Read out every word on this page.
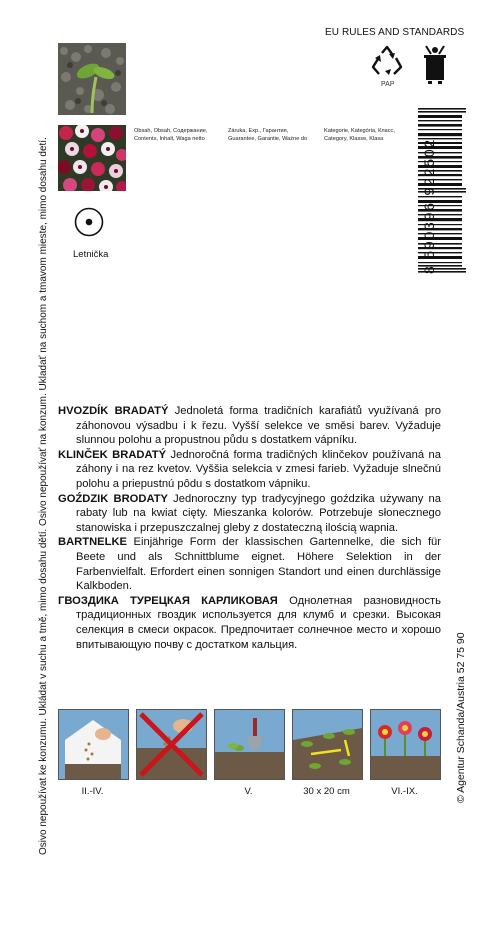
EU RULES AND STANDARDS
PAP
Obsah, Obsah, Содержание,
Contents, Inhalt, Waga netto
Záruka, Exp., Гарантия,
Guarantee, Garantie, Ważne do
Kategorie, Kategória, Класс,
Category, Klasse, Klasa
Letnička
Osivo nepoužívat ke konzumu. Ukládat v suchu a tmě, mimo dosahu dětí. Osivo nepoužívať na konzum. Ukladať na suchom a tmavom mieste, mimo dosahu detí.	8 590396 922502
© Agentur Schanda/Austria 52 75 90

HVOZDÍK BRADATÝ Jednoletá forma tradičních karafiátů využívaná pro záhonovou výsadbu i k řezu. Vyšší selekce ve směsi barev. Vyžaduje slunnou polohu a propustnou půdu s dostatkem vápníku.

KLINČEK BRADATÝ Jednoročná forma tradičných klinčekov používaná na záhony i na rez kvetov. Vyššia selekcia v zmesi farieb. Vyžaduje slnečnú polohu a priepustnú pôdu s dostatkom vápniku.

GOŹDZIK BRODATY Jednoroczny typ tradycyjnego goździka używany na rabaty lub na kwiat cięty. Mieszanka kolorów. Potrzebuje słonecznego stanowiska i przepuszczalnej gleby z dostateczną ilością wapnia.

BARTNELKE Einjährige Form der klassischen Gartennelke, die sich für Beete und als Schnittblume eignet. Höhere Selektion in der Farbenvielfalt. Erfordert einen sonnigen Standort und einen durchlässige Kalkboden.

ГВОЗДИКА ТУРЕЦКАЯ КАРЛИКОВАЯ Однолетная разновидность традиционных гвоздик используется для клумб и срезки. Высокая селекция в смеси окрасок. Предпочитает солнечное место и хорошо впитывающую почву с достатком кальция.

II.-IV.	V.	30 x 20 cm	VI.-IX.
